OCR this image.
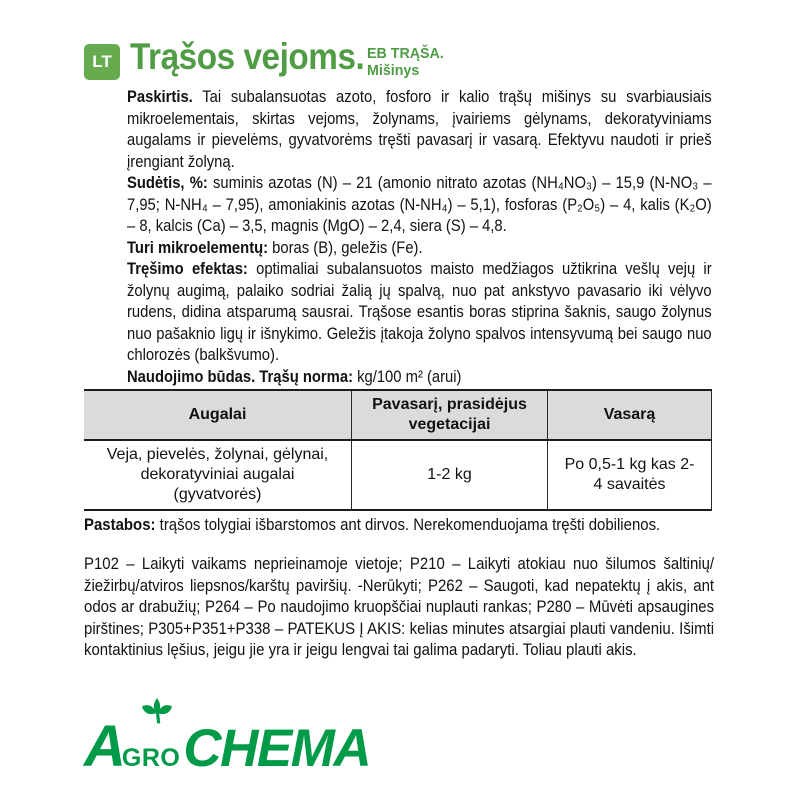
LT Trąšos vejoms. EB TRĄŠA.
Mišinys

Paskirtis. Tai subalansuotas azoto, fosforo ir kalio trąšų mišinys su svarbiausiais mikroelementais, skirtas vejoms, žolynams, įvairiems gėlynams, dekoratyviniams augalams ir pievelėms, gyvatvorėms tręšti pavasarį ir vasarą. Efektyvu naudoti ir prieš įrengiant žolyną.

Sudėtis, %: suminis azotas (N) – 21 (amonio nitrato azotas (NH₄NO₃) – 15,9 (N-NO₃ – 7,95; N-NH₄ – 7,95), amoniakinis azotas (N-NH₄) – 5,1), fosforas (P₂O₅) – 4, kalis (K₂O) – 8, kalcis (Ca) – 3,5, magnis (MgO) – 2,4, siera (S) – 4,8.

Turi mikroelementų: boras (B), geležis (Fe).

Tręšimo efektas: optimaliai subalansuotos maisto medžiagos užtikrina vešlų vejų ir žolynų augimą, palaiko sodriai žalią jų spalvą, nuo pat ankstyvo pavasario iki vėlyvo rudens, didina atsparumą sausrai. Trąšose esantis boras stiprina šaknis, saugo žolynus nuo pašaknio ligų ir išnykimo. Geležis įtakoja žolyno spalvos intensyvumą bei saugo nuo chlorozės (balkšvumo).

Naudojimo būdas. Trąšų norma: kg/100 m² (arui)

Augalai
Pavasarį, prasidėjus vegetacijai
Vasarą
Veja, pievelės, žolynai, gėlynai, dekoratyviniai augalai (gyvatvorės)
1-2 kg
Po 0,5-1 kg kas 2-4 savaitės
Pastabos: trąšos tolygiai išbarstomos ant dirvos. Nerekomenduojama tręšti dobilienos.
P102 – Laikyti vaikams neprieinamoje vietoje; P210 – Laikyti atokiau nuo šilumos šaltinių/žiežirbų/atviros liepsnos/karštų paviršių. -Nerūkyti; P262 – Saugoti, kad nepatektų į akis, ant odos ar drabužių; P264 – Po naudojimo kruopščiai nuplauti rankas; P280 – Mūvėti apsaugines pirštines; P305+P351+P338 – PATEKUS Į AKIS: kelias minutes atsargiai plauti vandeniu. Išimti kontaktinius lęšius, jeigu jie yra ir jeigu lengvai tai galima padaryti. Toliau plauti akis.
A GRO CHEMA
